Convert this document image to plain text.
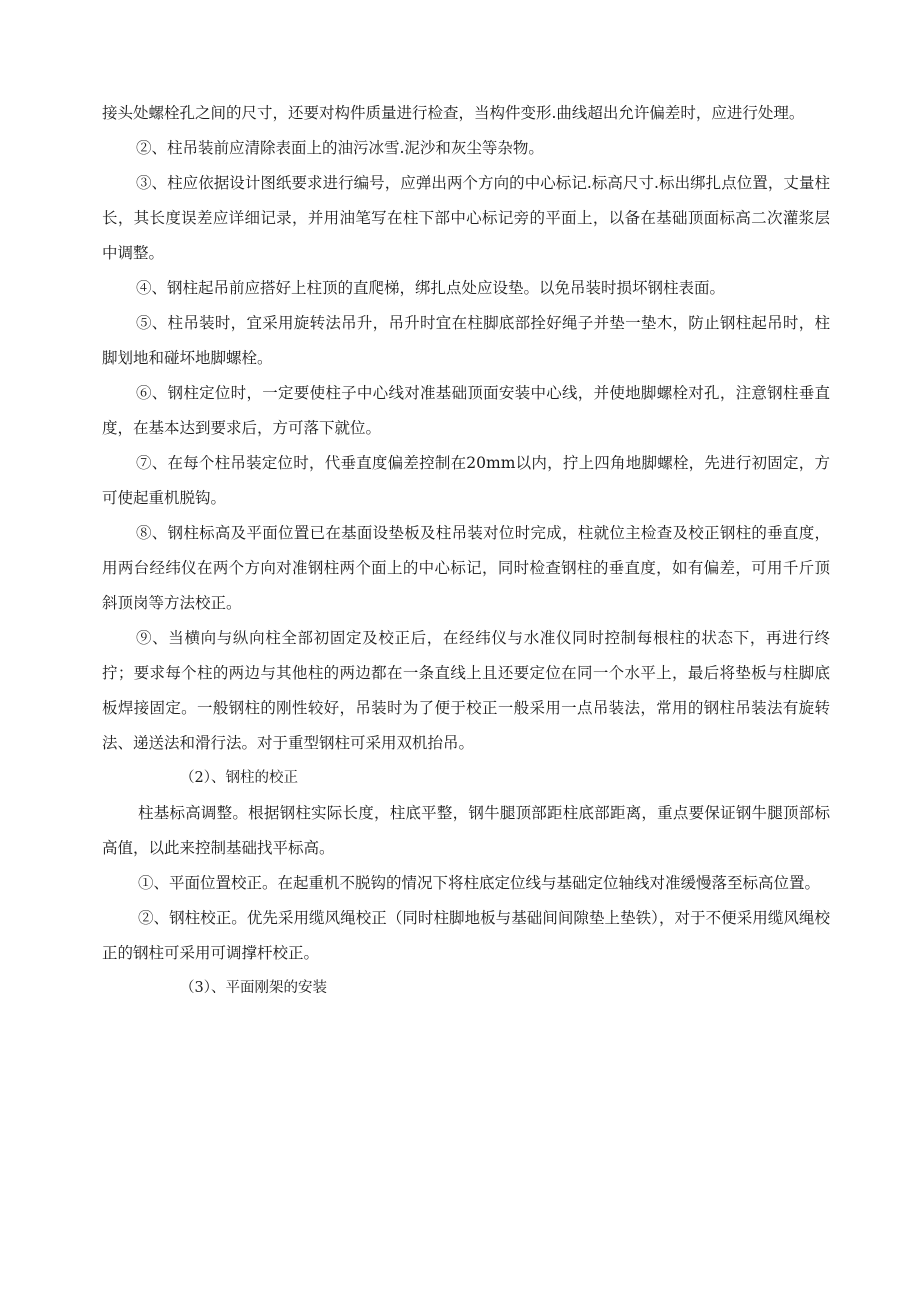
接头处螺栓孔之间的尺寸，还要对构件质量进行检查，当构件变形.曲线超出允许偏差时，应进行处理。

②、柱吊装前应清除表面上的油污冰雪.泥沙和灰尘等杂物。

③、柱应依据设计图纸要求进行编号，应弹出两个方向的中心标记.标高尺寸.标出绑扎点位置，丈量柱长，其长度误差应详细记录，并用油笔写在柱下部中心标记旁的平面上，以备在基础顶面标高二次灌浆层中调整。

④、钢柱起吊前应搭好上柱顶的直爬梯，绑扎点处应设垫。以免吊装时损坏钢柱表面。

⑤、柱吊装时，宜采用旋转法吊升，吊升时宜在柱脚底部拴好绳子并垫一垫木，防止钢柱起吊时，柱脚划地和碰坏地脚螺栓。

⑥、钢柱定位时，一定要使柱子中心线对准基础顶面安装中心线，并使地脚螺栓对孔，注意钢柱垂直度，在基本达到要求后，方可落下就位。

⑦、在每个柱吊装定位时，代垂直度偏差控制在20mm以内，拧上四角地脚螺栓，先进行初固定，方可使起重机脱钩。

⑧、钢柱标高及平面位置已在基面设垫板及柱吊装对位时完成，柱就位主检查及校正钢柱的垂直度，用两台经纬仪在两个方向对准钢柱两个面上的中心标记，同时检查钢柱的垂直度，如有偏差，可用千斤顶斜顶岗等方法校正。

⑨、当横向与纵向柱全部初固定及校正后，在经纬仪与水准仪同时控制每根柱的状态下，再进行终拧；要求每个柱的两边与其他柱的两边都在一条直线上且还要定位在同一个水平上，最后将垫板与柱脚底板焊接固定。一般钢柱的刚性较好，吊装时为了便于校正一般采用一点吊装法，常用的钢柱吊装法有旋转法、递送法和滑行法。对于重型钢柱可采用双机抬吊。

（2）、钢柱的校正

柱基标高调整。根据钢柱实际长度，柱底平整，钢牛腿顶部距柱底部距离，重点要保证钢牛腿顶部标高值，以此来控制基础找平标高。

①、平面位置校正。在起重机不脱钩的情况下将柱底定位线与基础定位轴线对准缓慢落至标高位置。

②、钢柱校正。优先采用缆风绳校正（同时柱脚地板与基础间间隙垫上垫铁），对于不便采用缆风绳校正的钢柱可采用可调撑杆校正。

（3）、平面刚架的安装
